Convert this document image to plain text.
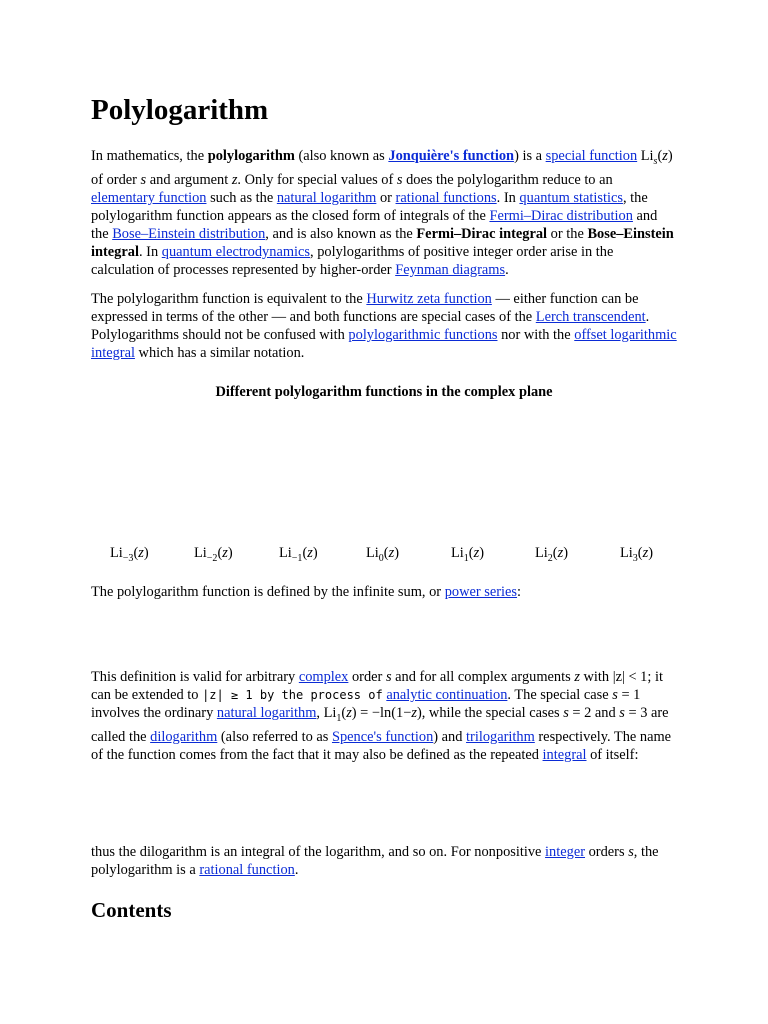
Polylogarithm

In mathematics, the polylogarithm (also known as Jonquière's function) is a special function $Li_s(z)$ of order s and argument z. Only for special values of s does the polylogarithm reduce to an elementary function such as the natural logarithm or rational functions. In quantum statistics, the polylogarithm function appears as the closed form of integrals of the Fermi–Dirac distribution and the Bose–Einstein distribution, and is also known as the Fermi–Dirac integral or the Bose–Einstein integral. In quantum electrodynamics, polylogarithms of positive integer order arise in the calculation of processes represented by higher-order Feynman diagrams.

The polylogarithm function is equivalent to the Hurwitz zeta function — either function can be expressed in terms of the other — and both functions are special cases of the Lerch transcendent. Polylogarithms should not be confused with polylogarithmic functions nor with the offset logarithmic integral which has a similar notation.

Different polylogarithm functions in the complex plane
$Li_{-3}(z)$	$Li_{-2}(z)$	$Li_{-1}(z)$	$Li_0(z)$	$Li_1(z)$	$Li_2(z)$	$Li_3(z)$

The polylogarithm function is defined by the infinite sum, or power series:

This definition is valid for arbitrary complex order s and for all complex arguments z with |z| < 1; it can be extended to |z| ≥ 1 by the process of analytic continuation. The special case s = 1 involves the ordinary natural logarithm, $Li_1(z) = -\ln(1-z)$, while the special cases s = 2 and s = 3 are called the dilogarithm (also referred to as Spence's function) and trilogarithm respectively. The name of the function comes from the fact that it may also be defined as the repeated integral of itself:

thus the dilogarithm is an integral of the logarithm, and so on. For nonpositive integer orders s, the polylogarithm is a rational function.

Contents
